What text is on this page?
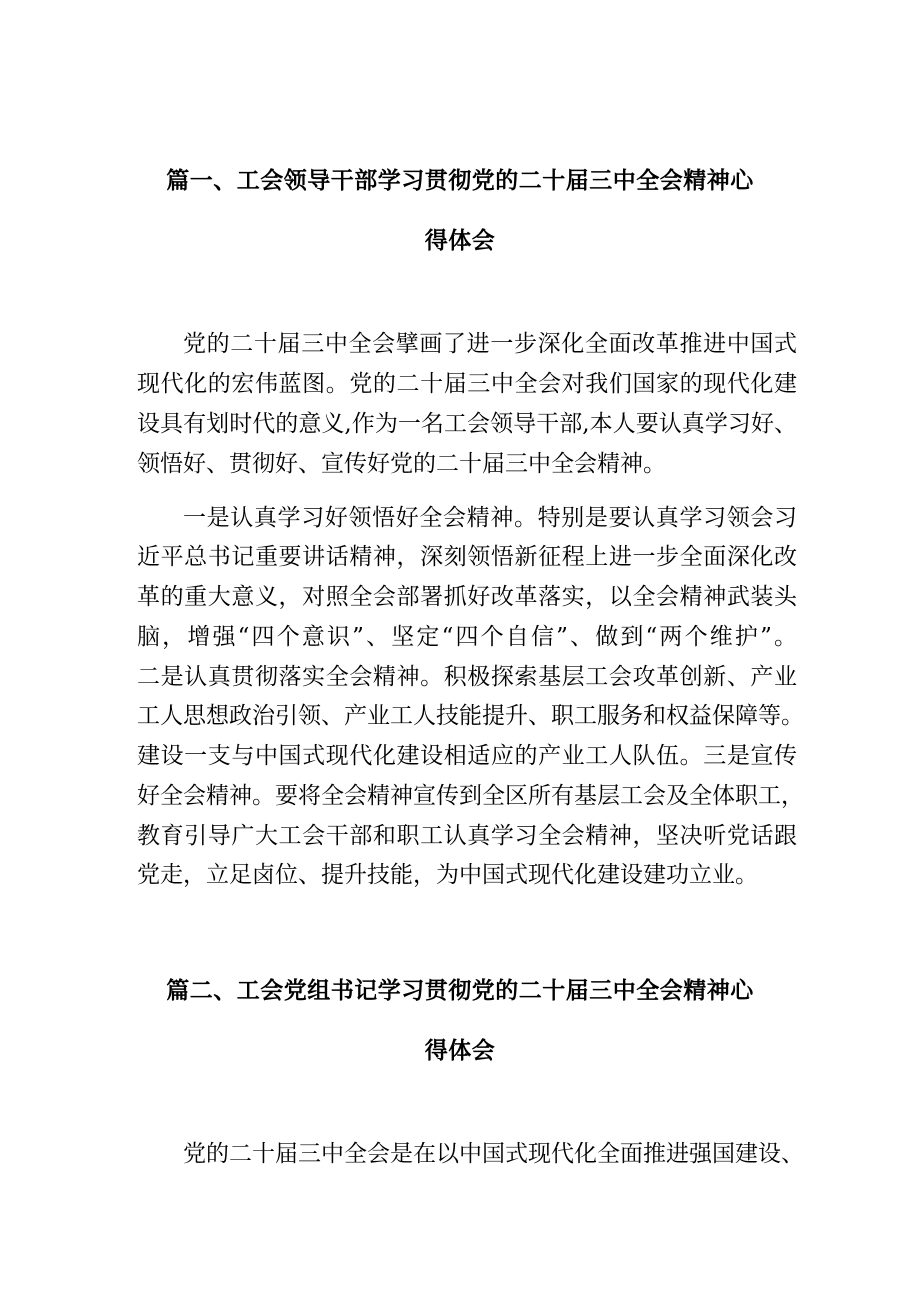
篇一、工会领导干部学习贯彻党的二十届三中全会精神心
得体会
党的二十届三中全会擘画了进一步深化全面改革推进中国式
现代化的宏伟蓝图。党的二十届三中全会对我们国家的现代化建
设具有划时代的意义,作为一名工会领导干部,本人要认真学习好、
领悟好、贯彻好、宣传好党的二十届三中全会精神。
一是认真学习好领悟好全会精神。特别是要认真学习领会习
近平总书记重要讲话精神，深刻领悟新征程上进一步全面深化改
革的重大意义，对照全会部署抓好改革落实，以全会精神武装头
脑，增强“四个意识”、坚定“四个自信”、做到“两个维护”。
二是认真贯彻落实全会精神。积极探索基层工会攻革创新、产业
工人思想政治引领、产业工人技能提升、职工服务和权益保障等。
建设一支与中国式现代化建设相适应的产业工人队伍。三是宣传
好全会精神。要将全会精神宣传到全区所有基层工会及全体职工，
教育引导广大工会干部和职工认真学习全会精神，坚决听党话跟
党走，立足卤位、提升技能，为中国式现代化建设建功立业。
篇二、工会党组书记学习贯彻党的二十届三中全会精神心
得体会
党的二十届三中全会是在以中国式现代化全面推进强国建设、
